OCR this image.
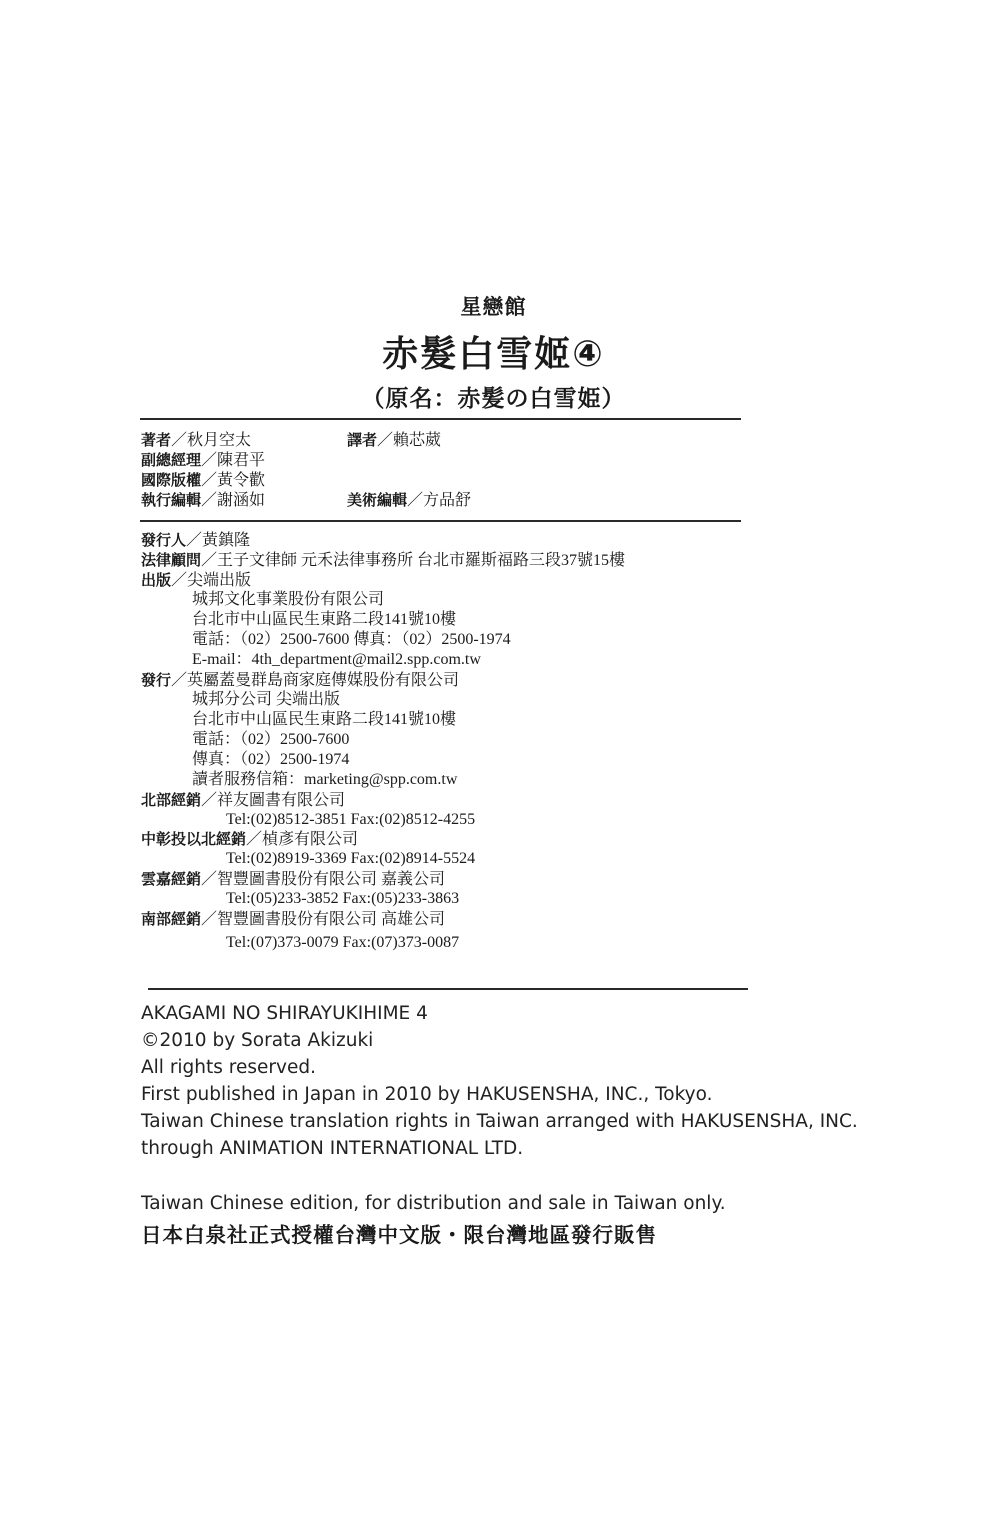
星戀館
赤髮白雪姬④
（原名：赤髪の白雪姫）
著者／秋月空太	譯者／賴芯葳
副總經理／陳君平
國際版權／黃令歡
執行編輯／謝涵如	美術編輯／方品舒
發行人／黃鎮隆
法律顧問／王子文律師 元禾法律事務所 台北市羅斯福路三段37號15樓
出版／尖端出版
城邦文化事業股份有限公司
台北市中山區民生東路二段141號10樓
電話：（02）2500-7600 傳真：（02）2500-1974
E-mail：4th_department@mail2.spp.com.tw
發行／英屬蓋曼群島商家庭傳媒股份有限公司
城邦分公司 尖端出版
台北市中山區民生東路二段141號10樓
電話：（02）2500-7600
傳真：（02）2500-1974
讀者服務信箱：marketing@spp.com.tw
北部經銷／祥友圖書有限公司
Tel:(02)8512-3851 Fax:(02)8512-4255
中彰投以北經銷／楨彥有限公司
Tel:(02)8919-3369 Fax:(02)8914-5524
雲嘉經銷／智豐圖書股份有限公司 嘉義公司
Tel:(05)233-3852 Fax:(05)233-3863
南部經銷／智豐圖書股份有限公司 高雄公司
Tel:(07)373-0079 Fax:(07)373-0087
AKAGAMI NO SHIRAYUKIHIME 4
©2010 by Sorata Akizuki
All rights reserved.
First published in Japan in 2010 by HAKUSENSHA, INC., Tokyo.
Taiwan Chinese translation rights in Taiwan arranged with HAKUSENSHA, INC.
through ANIMATION INTERNATIONAL LTD.
Taiwan Chinese edition, for distribution and sale in Taiwan only.
日本白泉社正式授權台灣中文版・限台灣地區發行販售
